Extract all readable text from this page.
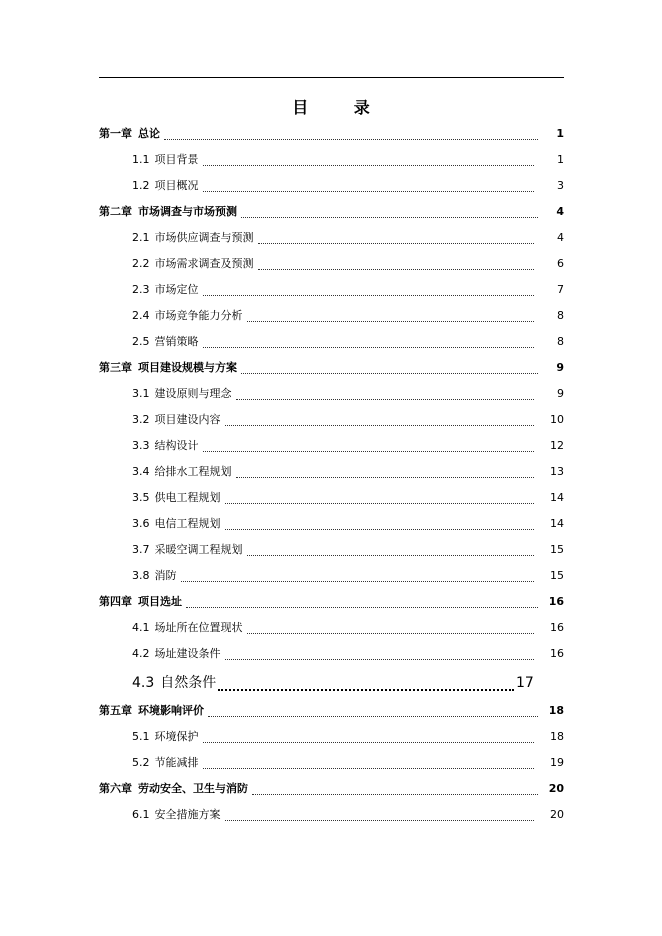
目 录
第一章 总论	1
1.1 项目背景	1
1.2 项目概况	3
第二章 市场调查与市场预测	4
2.1 市场供应调查与预测	4
2.2 市场需求调查及预测	6
2.3 市场定位	7
2.4 市场竞争能力分析	8
2.5 营销策略	8
第三章 项目建设规模与方案	9
3.1 建设原则与理念	9
3.2 项目建设内容	10
3.3 结构设计	12
3.4 给排水工程规划	13
3.5 供电工程规划	14
3.6 电信工程规划	14
3.7 采暖空调工程规划	15
3.8 消防	15
第四章 项目选址	16
4.1 场址所在位置现状	16
4.2 场址建设条件	16
4.3 自然条件	17
第五章 环境影响评价	18
5.1 环境保护	18
5.2 节能减排	19
第六章 劳动安全、卫生与消防	20
6.1 安全措施方案	20
